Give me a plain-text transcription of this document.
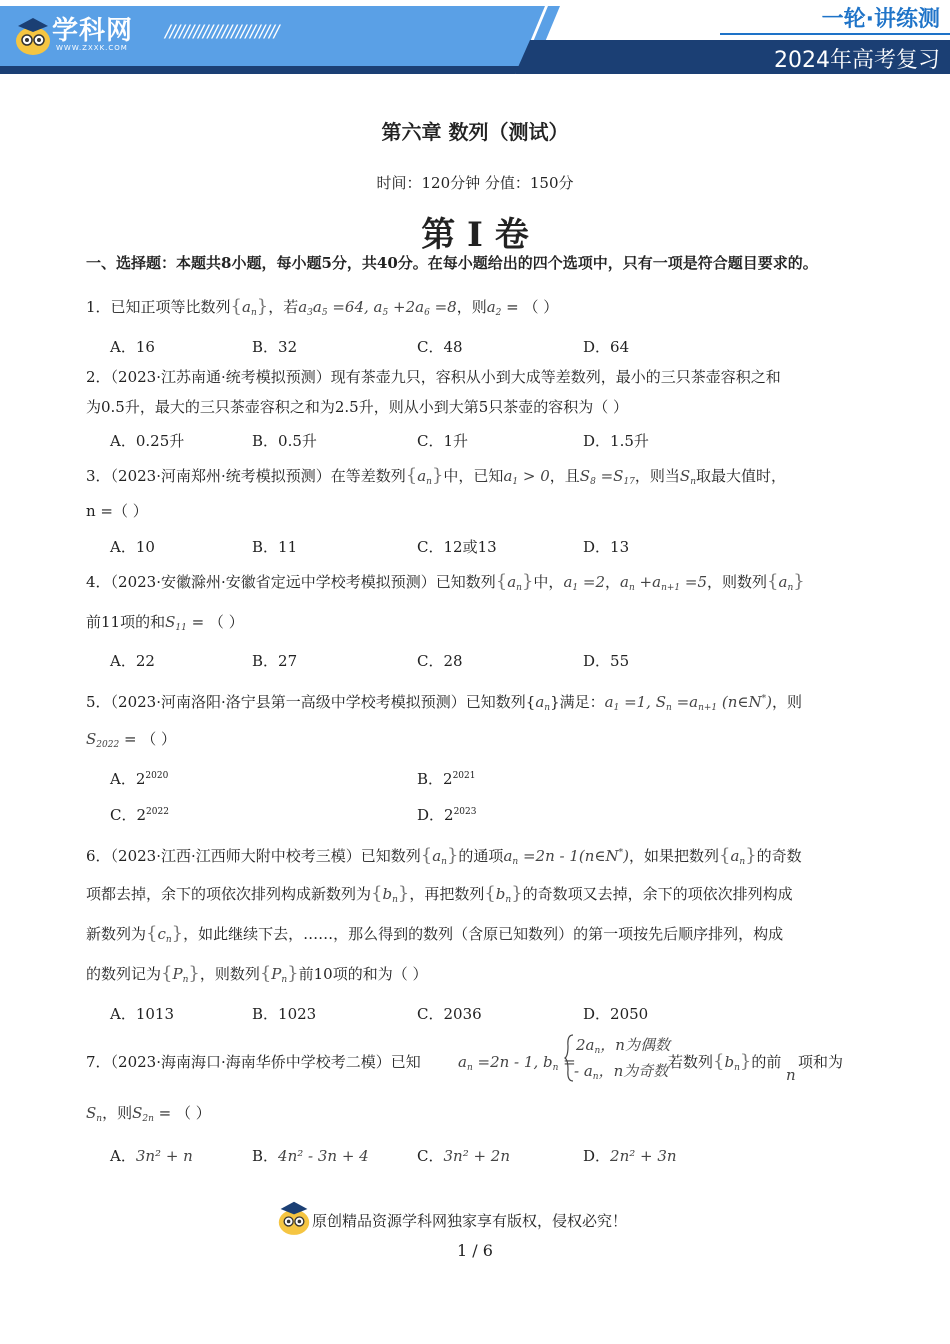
学科网
WWW.ZXXK.COM
////////////////////////	一轮·讲练测
2024年高考复习
第六章 数列（测试）
时间：120分钟 分值：150分
第 I 卷
一、选择题：本题共8小题，每小题5分，共40分。在每小题给出的四个选项中，只有一项是符合题目要求的。
1．已知正项等比数列$\{a_n\}$，若$a_3a_5 =64$, $a_5 +2a_6 =8$，则$a_2$ = （ ）
A．16	B．32	C．48	D．64
2．（2023·江苏南通·统考模拟预测）现有茶壶九只，容积从小到大成等差数列，最小的三只茶壶容积之和
为0.5升，最大的三只茶壶容积之和为2.5升，则从小到大第5只茶壶的容积为（ ）
A．0.25升	B．0.5升	C．1升	D．1.5升
3．（2023·河南郑州·统考模拟预测）在等差数列$\{a_n\}$中，已知$a_1 > 0$，且$S_8 =S_{17}$，则当$S_n$取最大值时，
n =（ ）
A．10	B．11	C．12或13	D．13
4．（2023·安徽滁州·安徽省定远中学校考模拟预测）已知数列$\{a_n\}$中，$a_1 =2$，$a_n +a_{n+1} =5$，则数列$\{a_n\}$
前11项的和$S_{11}$ = （ ）
A．22	B．27	C．28	D．55
5．（2023·河南洛阳·洛宁县第一高级中学校考模拟预测）已知数列$\{a_n\}$满足：$a_1 =1$, $S_n =a_{n+1}$ (n∈N*)，则
$S_{2022}$ = （ ）
A．$2^{2020}$	B．$2^{2021}$
C．$2^{2022}$	D．$2^{2023}$
6．（2023·江西·江西师大附中校考三模）已知数列$\{a_n\}$的通项$a_n =2n$ - 1(n∈N*)，如果把数列$\{a_n\}$的奇数
项都去掉，余下的项依次排列构成新数列为$\{b_n\}$，再把数列$\{b_n\}$的奇数项又去掉，余下的项依次排列构成
新数列为$\{c_n\}$，如此继续下去，……，那么得到的数列（含原已知数列）的第一项按先后顺序排列，构成
的数列记为$\{P_n\}$，则数列$\{P_n\}$前10项的和为（ ）
A．1013	B．1023	C．2036	D．2050
7．（2023·海南海口·海南华侨中学校考二模）已知	$a_n =2n - 1$, $b_n$ =
$2a_n$，n为偶数
- $a_n$，n为奇数 若数列$\{b_n\}$的前
n
项和为
$S_n$，则$S_{2n}$ = （ ）
A．3n² + n	B．4n² - 3n + 4	C．3n² + 2n	D．2n² + 3n
原创精品资源学科网独家享有版权，侵权必究！
1 / 6
